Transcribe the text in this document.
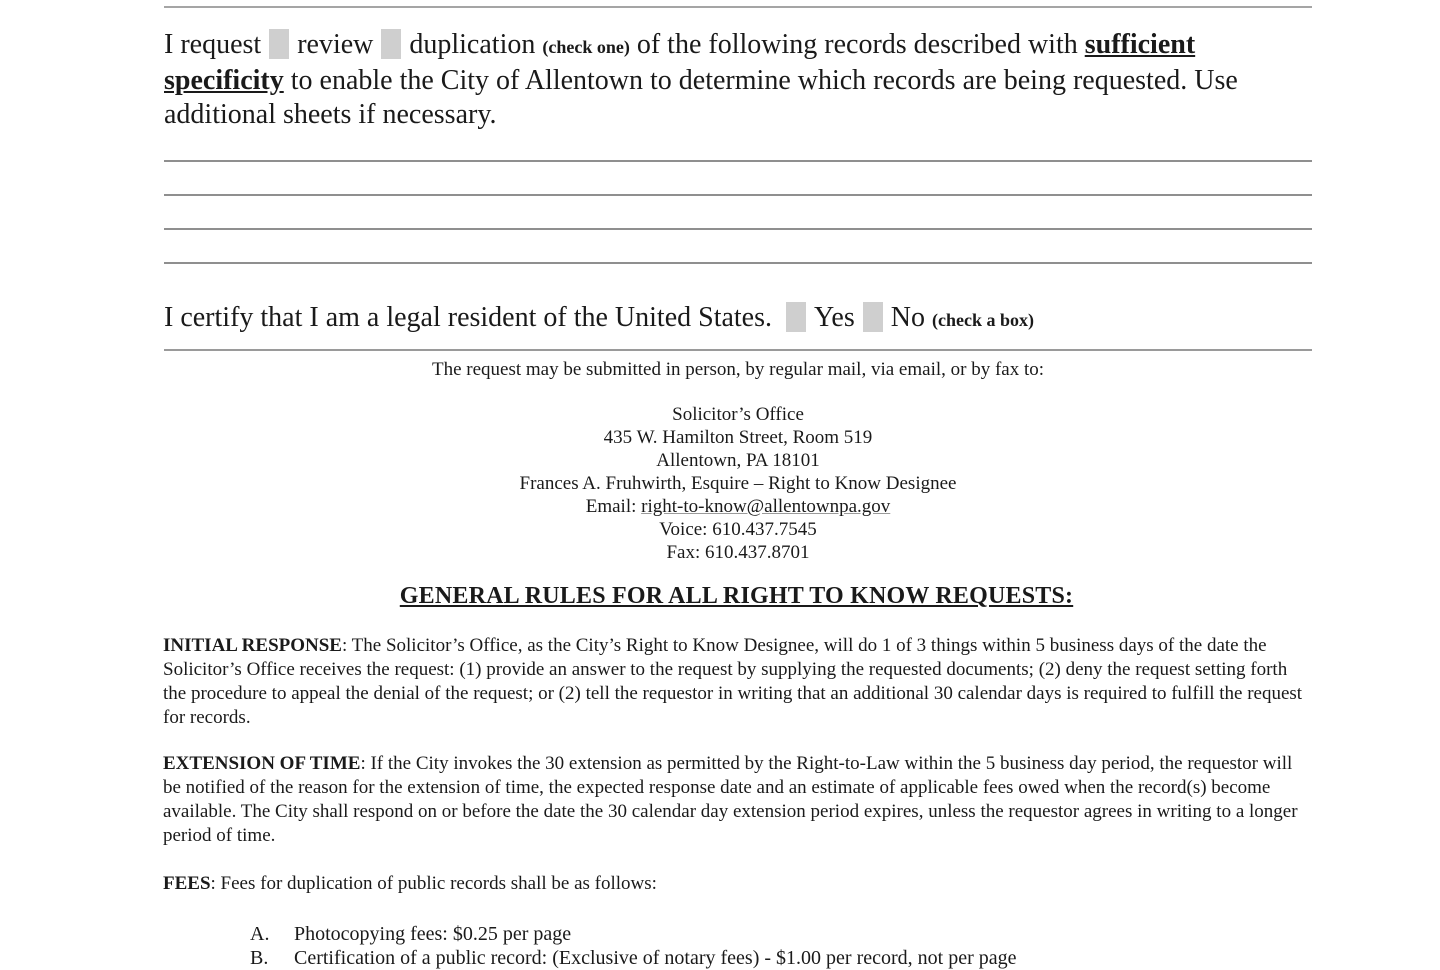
I request review duplication (check one) of the following records described with sufficient specificity to enable the City of Allentown to determine which records are being requested. Use additional sheets if necessary.
I certify that I am a legal resident of the United States. Yes No (check a box)
The request may be submitted in person, by regular mail, via email, or by fax to:
Solicitor’s Office
435 W. Hamilton Street, Room 519
Allentown, PA 18101
Frances A. Fruhwirth, Esquire – Right to Know Designee
Email: right-to-know@allentownpa.gov
Voice: 610.437.7545
Fax: 610.437.8701
GENERAL RULES FOR ALL RIGHT TO KNOW REQUESTS:
INITIAL RESPONSE: The Solicitor’s Office, as the City’s Right to Know Designee, will do 1 of 3 things within 5 business days of the date the Solicitor’s Office receives the request: (1) provide an answer to the request by supplying the requested documents; (2) deny the request setting forth the procedure to appeal the denial of the request; or (2) tell the requestor in writing that an additional 30 calendar days is required to fulfill the request for records.
EXTENSION OF TIME: If the City invokes the 30 extension as permitted by the Right-to-Law within the 5 business day period, the requestor will be notified of the reason for the extension of time, the expected response date and an estimate of applicable fees owed when the record(s) become available. The City shall respond on or before the date the 30 calendar day extension period expires, unless the requestor agrees in writing to a longer period of time.
FEES: Fees for duplication of public records shall be as follows:
A. Photocopying fees: $0.25 per page
B. Certification of a public record: (Exclusive of notary fees) - $1.00 per record, not per page
